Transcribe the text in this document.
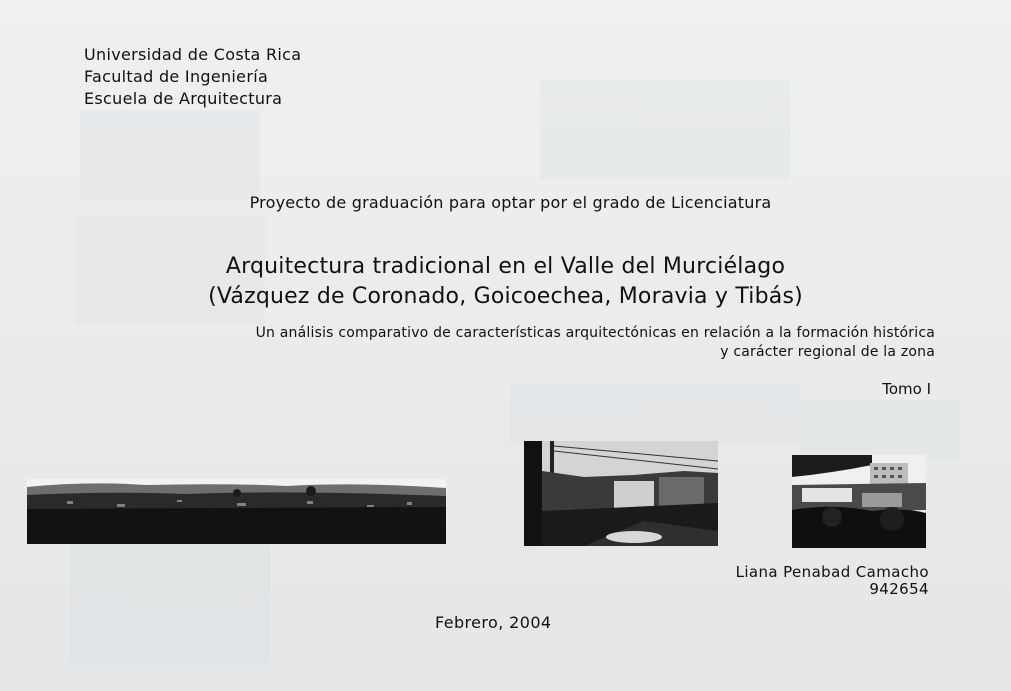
Universidad de Costa Rica
Facultad de Ingeniería
Escuela de Arquitectura
Proyecto de graduación para optar por el grado de Licenciatura
Arquitectura tradicional en el Valle del Murciélago
(Vázquez de Coronado, Goicoechea, Moravia y Tibás)
Un análisis comparativo de características arquitectónicas en relación a la formación histórica
y carácter regional de la zona
Tomo I
Liana Penabad Camacho
942654
Febrero, 2004
